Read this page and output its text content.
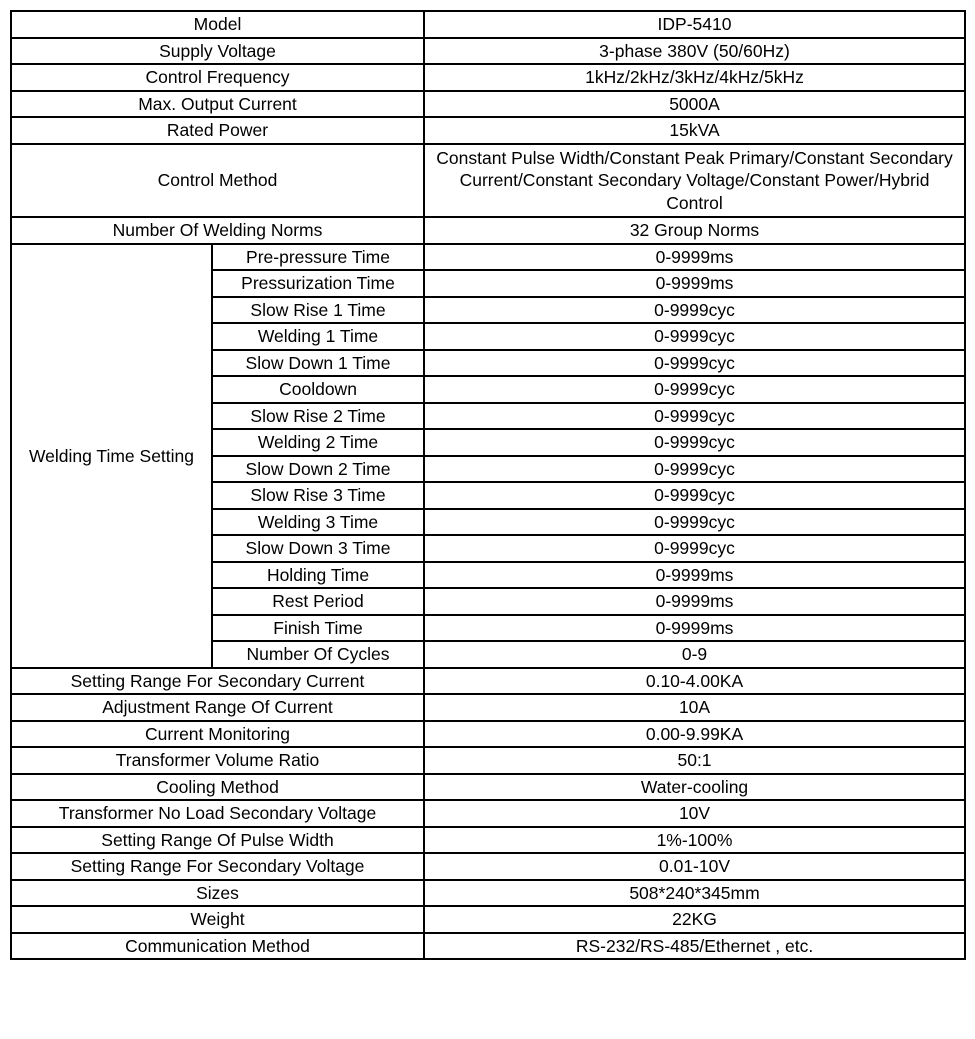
Model		IDP-5410
Supply Voltage		3-phase 380V (50/60Hz)
Control Frequency		1kHz/2kHz/3kHz/4kHz/5kHz
Max. Output Current		5000A
Rated Power		15kVA
Control Method		Constant Pulse Width/Constant Peak Primary/Constant Secondary Current/Constant Secondary Voltage/Constant Power/Hybrid Control
Number Of Welding Norms		32 Group Norms
Welding Time Setting	Pre-pressure Time	0-9999ms
	Pressurization Time	0-9999ms
	Slow Rise 1 Time	0-9999cyc
	Welding 1 Time	0-9999cyc
	Slow Down 1 Time	0-9999cyc
	Cooldown	0-9999cyc
	Slow Rise 2 Time	0-9999cyc
	Welding 2 Time	0-9999cyc
	Slow Down 2 Time	0-9999cyc
	Slow Rise 3 Time	0-9999cyc
	Welding 3 Time	0-9999cyc
	Slow Down 3 Time	0-9999cyc
	Holding Time	0-9999ms
	Rest Period	0-9999ms
	Finish Time	0-9999ms
	Number Of Cycles	0-9
Setting Range For Secondary Current		0.10-4.00KA
Adjustment Range Of Current		10A
Current Monitoring		0.00-9.99KA
Transformer Volume Ratio		50:1
Cooling Method		Water-cooling
Transformer No Load Secondary Voltage		10V
Setting Range Of Pulse Width		1%-100%
Setting Range For Secondary Voltage		0.01-10V
Sizes		508*240*345mm
Weight		22KG
Communication Method		RS-232/RS-485/Ethernet , etc.
